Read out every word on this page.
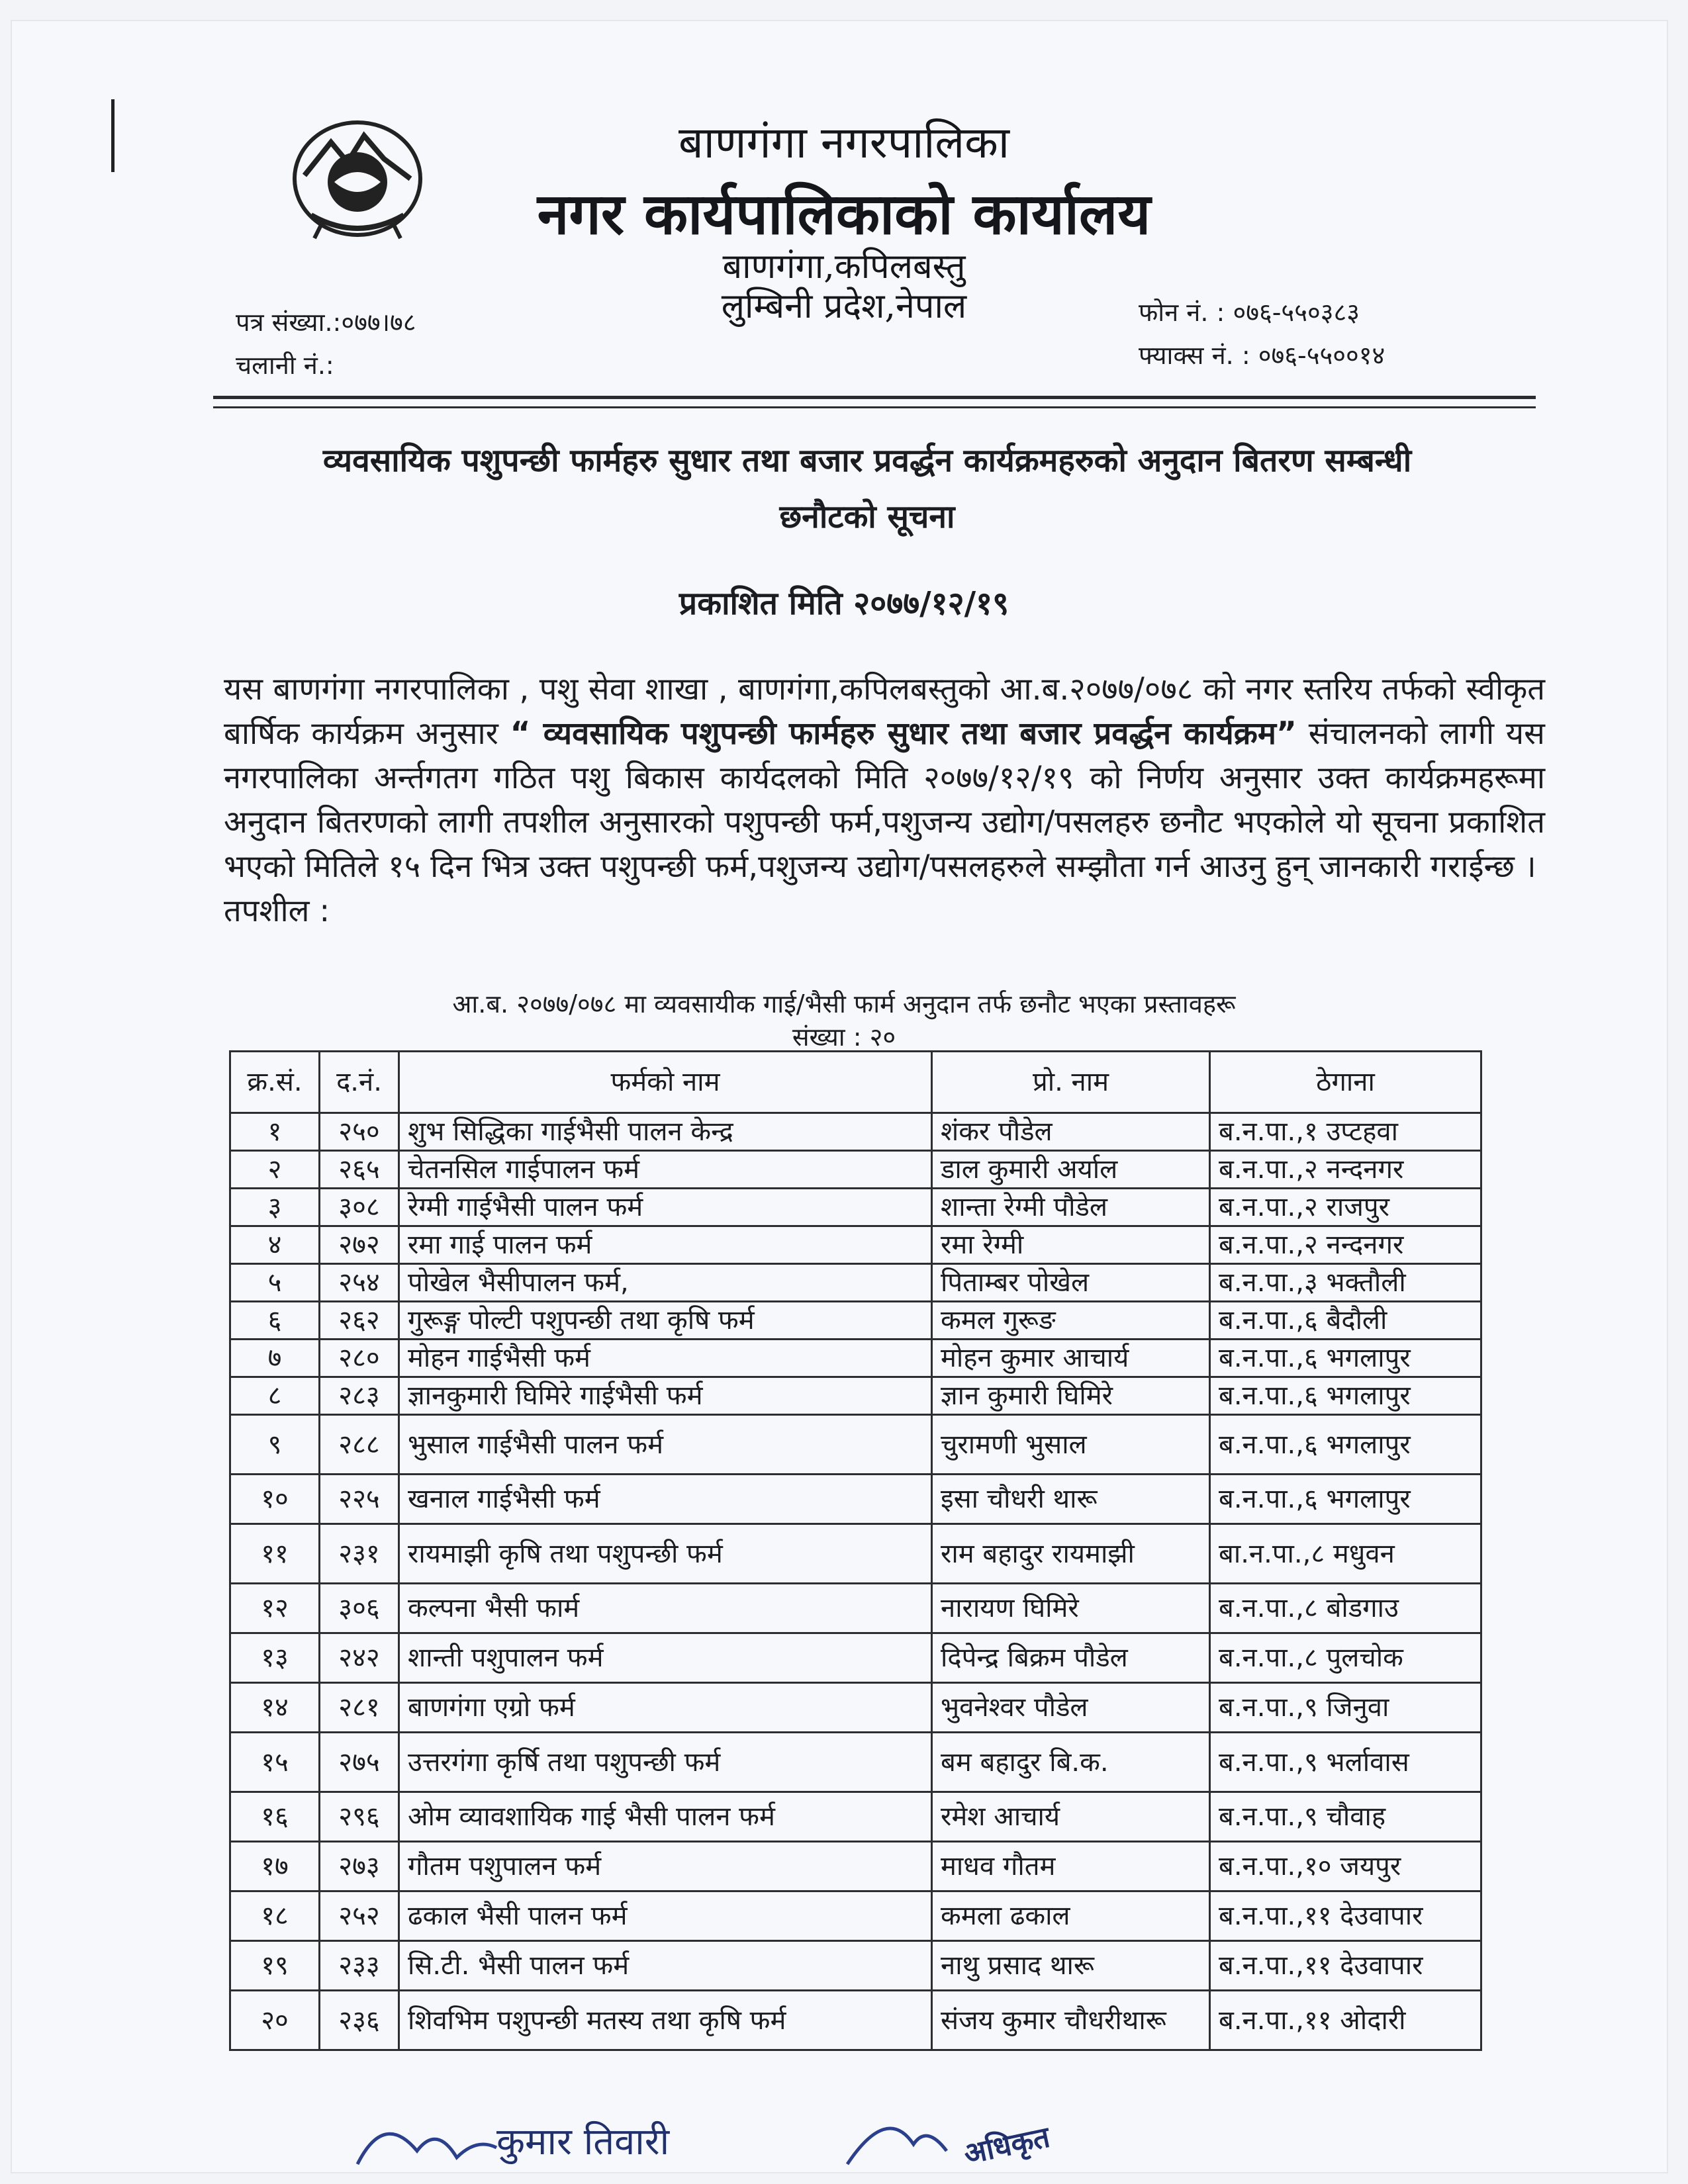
बाणगंगा नगरपालिका
नगर कार्यपालिकाको कार्यालय
बाणगंगा,कपिलबस्तु
लुम्बिनी प्रदेश,नेपाल
पत्र संख्या.:०७७।७८
चलानी नं.:
फोन नं. : ०७६-५५०३८३
फ्याक्स नं. : ०७६-५५००१४
व्यवसायिक पशुपन्छी फार्महरु सुधार तथा बजार प्रवर्द्धन कार्यक्रमहरुको अनुदान बितरण सम्बन्धी
छनौटको सूचना
प्रकाशित मिति २०७७/१२/१९
यस बाणगंगा नगरपालिका , पशु सेवा शाखा , बाणगंगा,कपिलबस्तुको आ.ब.२०७७/०७८ को नगर स्तरिय तर्फको स्वीकृत बार्षिक कार्यक्रम अनुसार “ व्यवसायिक पशुपन्छी फार्महरु सुधार तथा बजार प्रवर्द्धन कार्यक्रम” संचालनको लागी यस नगरपालिका अर्न्तगतग गठित पशु बिकास कार्यदलको मिति २०७७/१२/१९ को निर्णय अनुसार उक्त कार्यक्रमहरूमा अनुदान बितरणको लागी तपशील अनुसारको पशुपन्छी फर्म,पशुजन्य उद्योग/पसलहरु छनौट भएकोले यो सूचना प्रकाशित भएको मितिले १५ दिन भित्र उक्त पशुपन्छी फर्म,पशुजन्य उद्योग/पसलहरुले सम्झौता गर्न आउनु हुन् जानकारी गराईन्छ ।
तपशील :
आ.ब. २०७७/०७८ मा व्यवसायीक गाई/भैसी फार्म अनुदान तर्फ छनौट भएका प्रस्तावहरू
संख्या : २०
क्र.सं.	द.नं.	फर्मको नाम	प्रो. नाम	ठेगाना
१	२५०	शुभ सिद्धिका गाईभैसी पालन केन्द्र	शंकर पौडेल	ब.न.पा.,१ उप्टहवा
२	२६५	चेतनसिल गाईपालन फर्म	डाल कुमारी अर्याल	ब.न.पा.,२ नन्दनगर
३	३०८	रेग्मी गाईभैसी पालन फर्म	शान्ता रेग्मी पौडेल	ब.न.पा.,२ राजपुर
४	२७२	रमा गाई पालन फर्म	रमा रेग्मी	ब.न.पा.,२ नन्दनगर
५	२५४	पोखेल भैसीपालन फर्म,	पिताम्बर पोखेल	ब.न.पा.,३ भक्तौली
६	२६२	गुरूङ्ग पोल्टी पशुपन्छी तथा कृषि फर्म	कमल गुरूङ	ब.न.पा.,६ बैदौली
७	२८०	मोहन गाईभैसी फर्म	मोहन कुमार आचार्य	ब.न.पा.,६ भगलापुर
८	२८३	ज्ञानकुमारी घिमिरे गाईभैसी फर्म	ज्ञान कुमारी घिमिरे	ब.न.पा.,६ भगलापुर
९	२८८	भुसाल गाईभैसी पालन फर्म	चुरामणी भुसाल	ब.न.पा.,६ भगलापुर
१०	२२५	खनाल गाईभैसी फर्म	इसा चौधरी थारू	ब.न.पा.,६ भगलापुर
११	२३१	रायमाझी कृषि तथा पशुपन्छी फर्म	राम बहादुर रायमाझी	बा.न.पा.,८ मधुवन
१२	३०६	कल्पना भैसी फार्म	नारायण घिमिरे	ब.न.पा.,८ बोडगाउ
१३	२४२	शान्ती पशुपालन फर्म	दिपेन्द्र बिक्रम पौडेल	ब.न.पा.,८ पुलचोक
१४	२८१	बाणगंगा एग्रो फर्म	भुवनेश्वर पौडेल	ब.न.पा.,९ जिनुवा
१५	२७५	उत्तरगंगा कृर्षि तथा पशुपन्छी फर्म	बम बहादुर बि.क.	ब.न.पा.,९ भर्लावास
१६	२९६	ओम व्यावशायिक गाई भैसी पालन फर्म	रमेश आचार्य	ब.न.पा.,९ चौवाह
१७	२७३	गौतम पशुपालन फर्म	माधव गौतम	ब.न.पा.,१० जयपुर
१८	२५२	ढकाल भैसी पालन फर्म	कमला ढकाल	ब.न.पा.,११ देउवापार
१९	२३३	सि.टी. भैसी पालन फर्म	नाथु प्रसाद थारू	ब.न.पा.,११ देउवापार
२०	२३६	शिवभिम पशुपन्छी मतस्य तथा कृषि फर्म	संजय कुमार चौधरीथारू	ब.न.पा.,११ ओदारी
कुमार तिवारी	अधिकृत
